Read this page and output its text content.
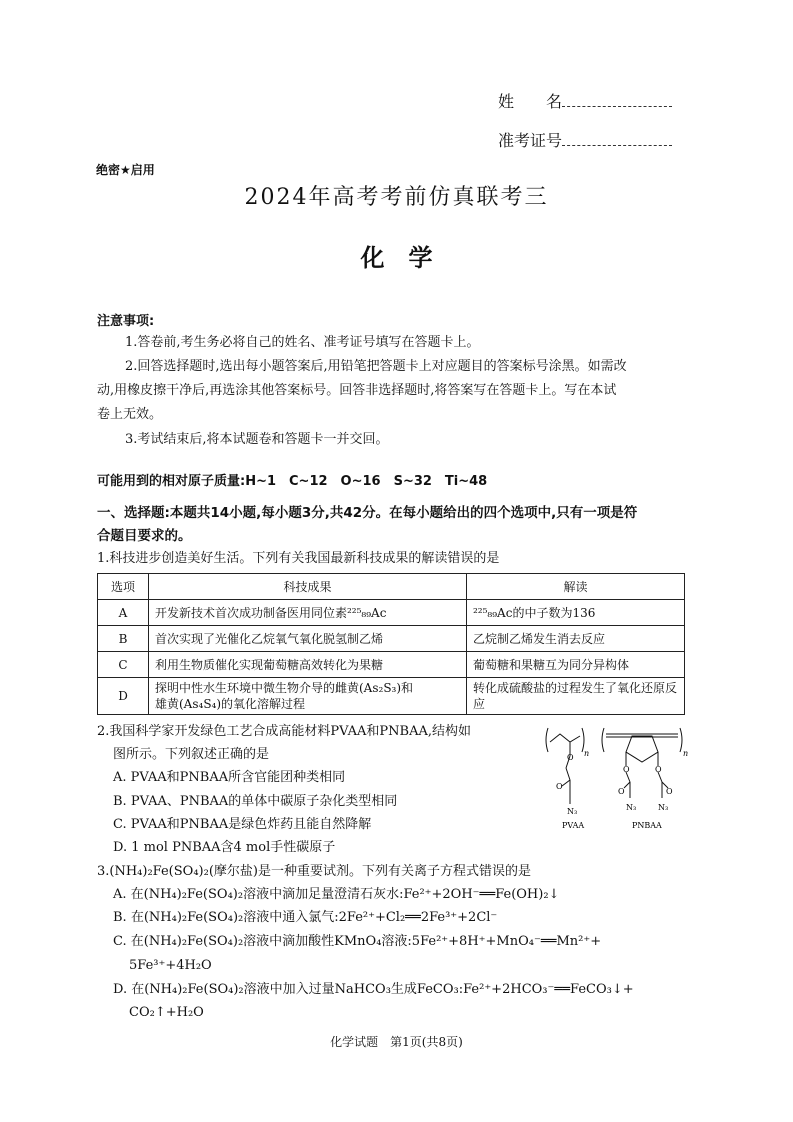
姓　　名
准考证号
绝密★启用
2024年高考考前仿真联考三
化　学
注意事项:
1.答卷前,考生务必将自己的姓名、准考证号填写在答题卡上。
2.回答选择题时,选出每小题答案后,用铅笔把答题卡上对应题目的答案标号涂黑。如需改
动,用橡皮擦干净后,再选涂其他答案标号。回答非选择题时,将答案写在答题卡上。写在本试
卷上无效。
3.考试结束后,将本试题卷和答题卡一并交回。
可能用到的相对原子质量:H~1　C~12　O~16　S~32　Ti~48
一、选择题:本题共14小题,每小题3分,共42分。在每小题给出的四个选项中,只有一项是符
合题目要求的。
1.科技进步创造美好生活。下列有关我国最新科技成果的解读错误的是
选项	科技成果	解读
A	开发新技术首次成功制备医用同位素²²⁵₈₉Ac	²²⁵₈₉Ac的中子数为136
B	首次实现了光催化乙烷氧气氧化脱氢制乙烯	乙烷制乙烯发生消去反应
C	利用生物质催化实现葡萄糖高效转化为果糖	葡萄糖和果糖互为同分异构体
D	探明中性水生环境中微生物介导的雌黄(As₂S₃)和
雄黄(As₄S₄)的氧化溶解过程	转化成硫酸盐的过程发生了氧化还原反应
2.我国科学家开发绿色工艺合成高能材料PVAA和PNBAA,结构如
图所示。下列叙述正确的是
A. PVAA和PNBAA所含官能团种类相同
B. PVAA、PNBAA的单体中碳原子杂化类型相同
C. PVAA和PNBAA是绿色炸药且能自然降解
D. 1 mol PNBAA含4 mol手性碳原子
n
O
O
N₃
PVAA
n
O	O
O	O
N₃	N₃
PNBAA
3.(NH₄)₂Fe(SO₄)₂(摩尔盐)是一种重要试剂。下列有关离子方程式错误的是
A. 在(NH₄)₂Fe(SO₄)₂溶液中滴加足量澄清石灰水:Fe²⁺+2OH⁻══Fe(OH)₂↓
B. 在(NH₄)₂Fe(SO₄)₂溶液中通入氯气:2Fe²⁺+Cl₂══2Fe³⁺+2Cl⁻
C. 在(NH₄)₂Fe(SO₄)₂溶液中滴加酸性KMnO₄溶液:5Fe²⁺+8H⁺+MnO₄⁻══Mn²⁺+
5Fe³⁺+4H₂O
D. 在(NH₄)₂Fe(SO₄)₂溶液中加入过量NaHCO₃生成FeCO₃:Fe²⁺+2HCO₃⁻══FeCO₃↓+
CO₂↑+H₂O
化学试题　第1页(共8页)
